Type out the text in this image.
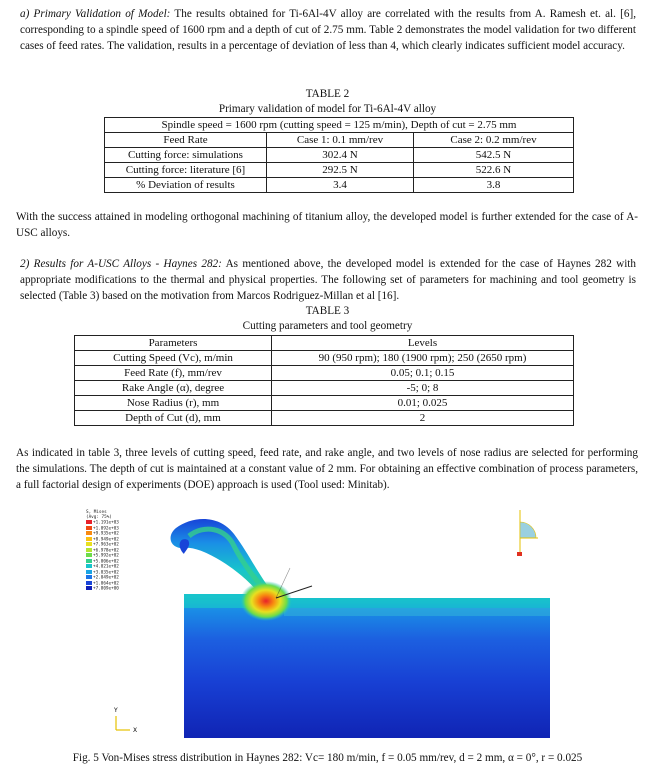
a) Primary Validation of Model: The results obtained for Ti-6Al-4V alloy are correlated with the results from A. Ramesh et. al. [6], corresponding to a spindle speed of 1600 rpm and a depth of cut of 2.75 mm. Table 2 demonstrates the model validation for two different cases of feed rates. The validation, results in a percentage of deviation of less than 4, which clearly indicates sufficient model accuracy.
TABLE 2
Primary validation of model for Ti-6Al-4V alloy
Spindle speed = 1600 rpm (cutting speed = 125 m/min), Depth of cut = 2.75 mm		
Feed Rate	Case 1: 0.1 mm/rev	Case 2: 0.2 mm/rev
Cutting force: simulations	302.4 N	542.5 N
Cutting force: literature [6]	292.5 N	522.6 N
% Deviation of results	3.4	3.8
With the success attained in modeling orthogonal machining of titanium alloy, the developed model is further extended for the case of A-USC alloys.
2) Results for A-USC Alloys - Haynes 282: As mentioned above, the developed model is extended for the case of Haynes 282 with appropriate modifications to the thermal and physical properties. The following set of parameters for machining and tool geometry is selected (Table 3) based on the motivation from Marcos Rodriguez-Millan et al [16].
TABLE 3
Cutting parameters and tool geometry
Parameters	Levels
Cutting Speed (Vc), m/min	90 (950 rpm); 180 (1900 rpm); 250 (2650 rpm)
Feed Rate (f), mm/rev	0.05; 0.1; 0.15
Rake Angle (α), degree	-5; 0; 8
Nose Radius (r), mm	0.01; 0.025
Depth of Cut (d), mm	2
As indicated in table 3, three levels of cutting speed, feed rate, and rake angle, and two levels of nose radius are selected for performing the simulations. The depth of cut is maintained at a constant value of 2 mm. For obtaining an effective combination of process parameters, a full factorial design of experiments (DOE) approach is used (Tool used: Minitab).
Y
X
S, Mises
(Avg: 75%)
+1.191e+03
+1.092e+03
+9.935e+02
+8.949e+02
+7.963e+02
+6.978e+02
+5.992e+02
+5.006e+02
+4.021e+02
+3.035e+02
+2.049e+02
+1.064e+02
+7.809e+00
Fig. 5 Von-Mises stress distribution in Haynes 282: Vc= 180 m/min, f = 0.05 mm/rev, d = 2 mm, α = 0°, r = 0.025
